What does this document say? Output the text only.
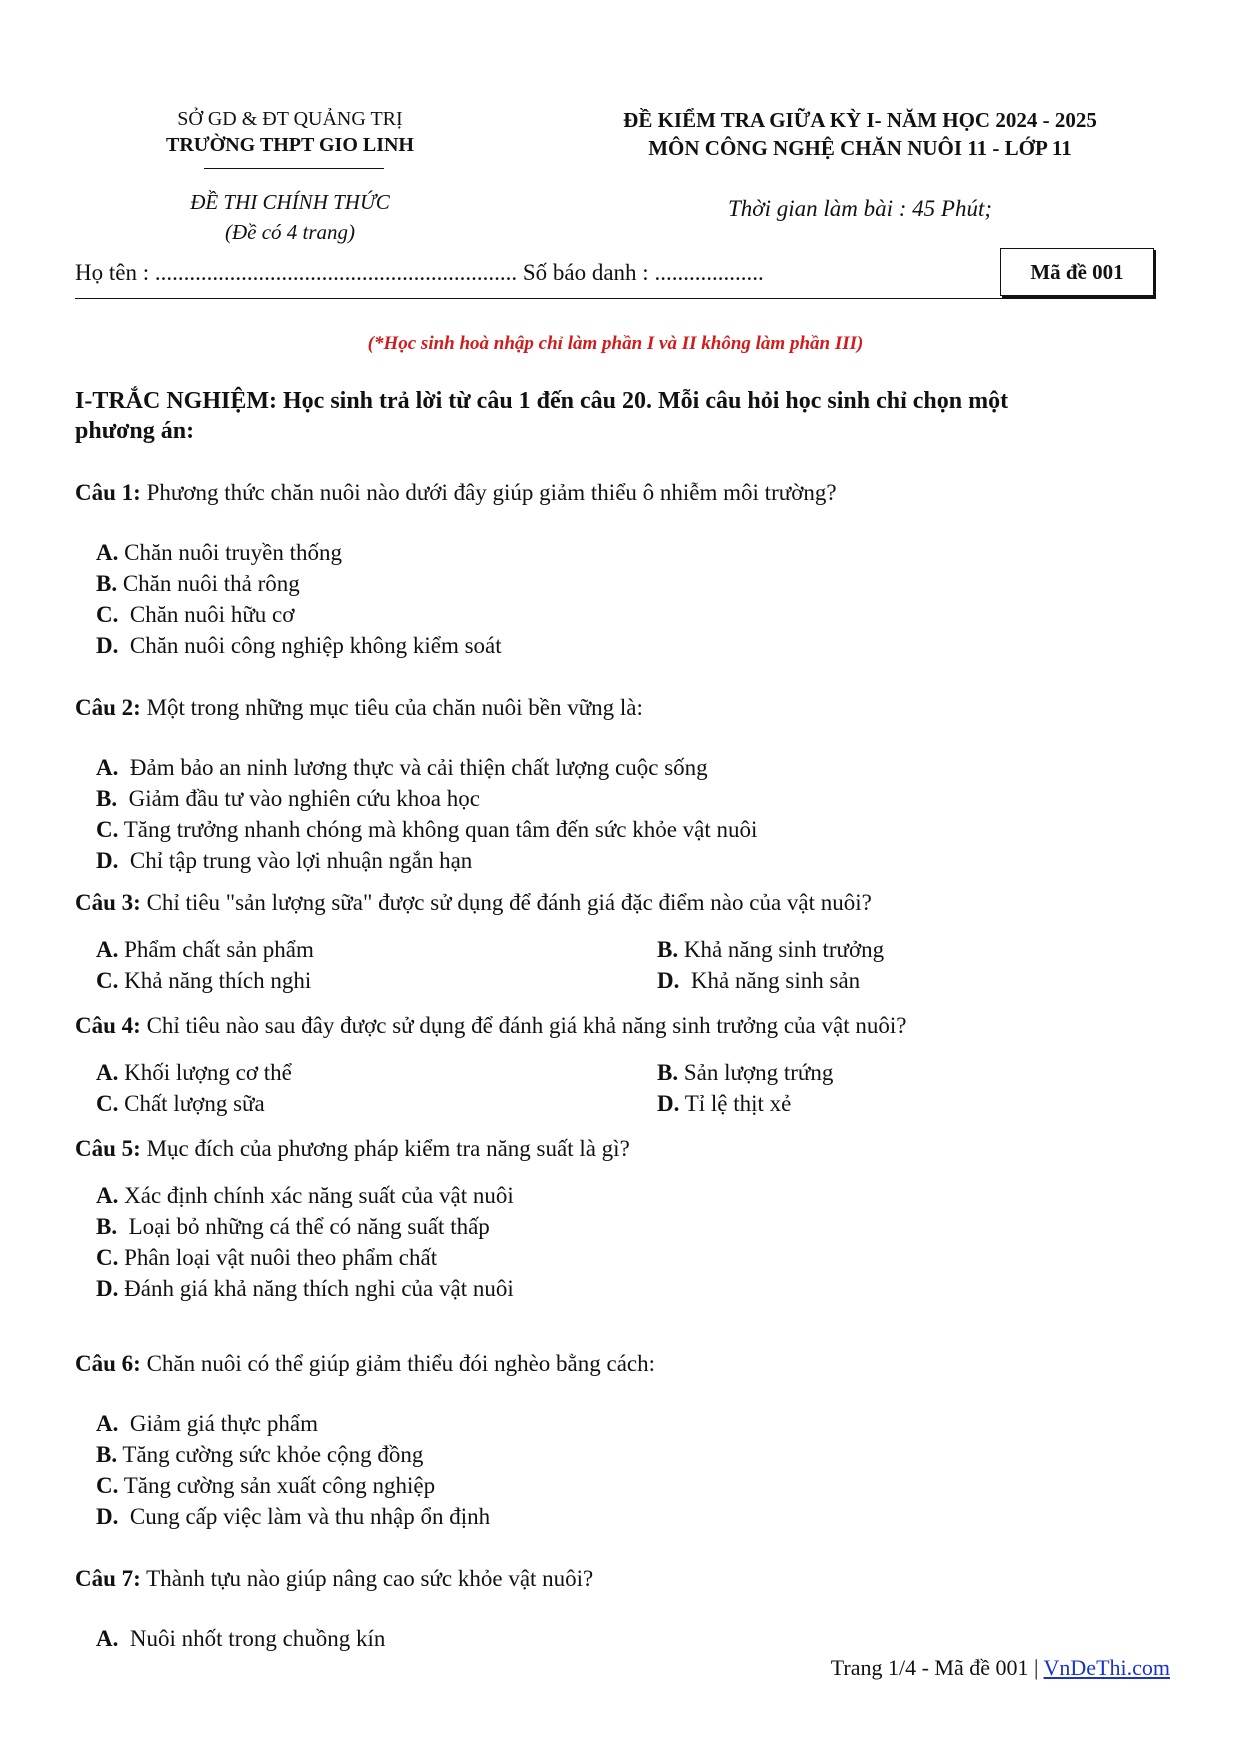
SỞ GD & ĐT QUẢNG TRỊ
TRƯỜNG THPT GIO LINH
ĐỀ THI CHÍNH THỨC
(Đề có 4 trang)
ĐỀ KIỂM TRA GIỮA KỲ I- NĂM HỌC 2024 - 2025
MÔN CÔNG NGHỆ CHĂN NUÔI 11 - LỚP 11
Thời gian làm bài : 45 Phút;
Họ tên : ............................................................... Số báo danh : ...................	Mã đề 001
(*Học sinh hoà nhập chỉ làm phần I và II không làm phần III)
I-TRẮC NGHIỆM: Học sinh trả lời từ câu 1 đến câu 20. Mỗi câu hỏi học sinh chỉ chọn một
phương án:
Câu 1: Phương thức chăn nuôi nào dưới đây giúp giảm thiểu ô nhiễm môi trường?
A. Chăn nuôi truyền thống
B. Chăn nuôi thả rông
C.  Chăn nuôi hữu cơ
D.  Chăn nuôi công nghiệp không kiểm soát
Câu 2: Một trong những mục tiêu của chăn nuôi bền vững là:
A.  Đảm bảo an ninh lương thực và cải thiện chất lượng cuộc sống
B.  Giảm đầu tư vào nghiên cứu khoa học
C. Tăng trưởng nhanh chóng mà không quan tâm đến sức khỏe vật nuôi
D.  Chỉ tập trung vào lợi nhuận ngắn hạn
Câu 3: Chỉ tiêu "sản lượng sữa" được sử dụng để đánh giá đặc điểm nào của vật nuôi?
A. Phẩm chất sản phẩm	B. Khả năng sinh trưởng
C. Khả năng thích nghi	D.  Khả năng sinh sản
Câu 4: Chỉ tiêu nào sau đây được sử dụng để đánh giá khả năng sinh trưởng của vật nuôi?
A. Khối lượng cơ thể	B. Sản lượng trứng
C. Chất lượng sữa	D. Tỉ lệ thịt xẻ
Câu 5: Mục đích của phương pháp kiểm tra năng suất là gì?
A. Xác định chính xác năng suất của vật nuôi
B.  Loại bỏ những cá thể có năng suất thấp
C. Phân loại vật nuôi theo phẩm chất
D. Đánh giá khả năng thích nghi của vật nuôi
Câu 6: Chăn nuôi có thể giúp giảm thiểu đói nghèo bằng cách:
A.  Giảm giá thực phẩm
B. Tăng cường sức khỏe cộng đồng
C. Tăng cường sản xuất công nghiệp
D.  Cung cấp việc làm và thu nhập ổn định
Câu 7: Thành tựu nào giúp nâng cao sức khỏe vật nuôi?
A.  Nuôi nhốt trong chuồng kín
Trang 1/4 - Mã đề 001 | VnDeThi.com
